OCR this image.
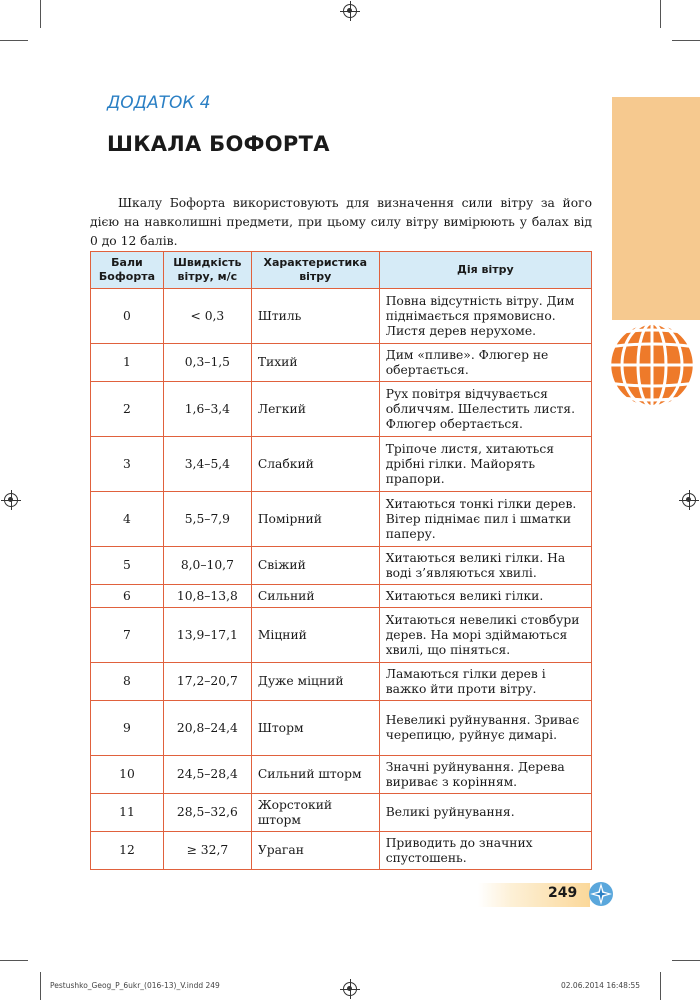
ДОДАТОК 4
ШКАЛА БОФОРТА
Шкалу Бофорта використовують для визначення сили вітру за його дією на навколишні предмети, при цьому силу вітру вимірюють у балах від 0 до 12 балів.
Бали Бофорта	Швидкість вітру, м/с	Характеристика вітру	Дія вітру
0	< 0,3	Штиль	Повна відсутність вітру. Дим піднімається прямовисно. Листя дерев нерухоме.
1	0,3–1,5	Тихий	Дим «пливе». Флюгер не обертається.
2	1,6–3,4	Легкий	Рух повітря відчувається обличчям. Шелестить листя. Флюгер обертається.
3	3,4–5,4	Слабкий	Тріпоче листя, хитаються дрібні гілки. Майорять прапори.
4	5,5–7,9	Помірний	Хитаються тонкі гілки дерев. Вітер піднімає пил і шматки паперу.
5	8,0–10,7	Свіжий	Хитаються великі гілки. На воді з’являються хвилі.
6	10,8–13,8	Сильний	Хитаються великі гілки.
7	13,9–17,1	Міцний	Хитаються невеликі стовбури дерев. На морі здіймаються хвилі, що пiняться.
8	17,2–20,7	Дуже міцний	Ламаються гілки дерев і важко йти проти вітру.
9	20,8–24,4	Шторм	Невеликі руйнування. Зриває черепицю, руйнує димарі.
10	24,5–28,4	Сильний шторм	Значні руйнування. Дерева вириває з корінням.
11	28,5–32,6	Жорстокий шторм	Великі руйнування.
12	≥ 32,7	Ураган	Приводить до значних спустошень.
249
Pestushko_Geog_P_6ukr_(016-13)_V.indd 249	02.06.2014 16:48:55
